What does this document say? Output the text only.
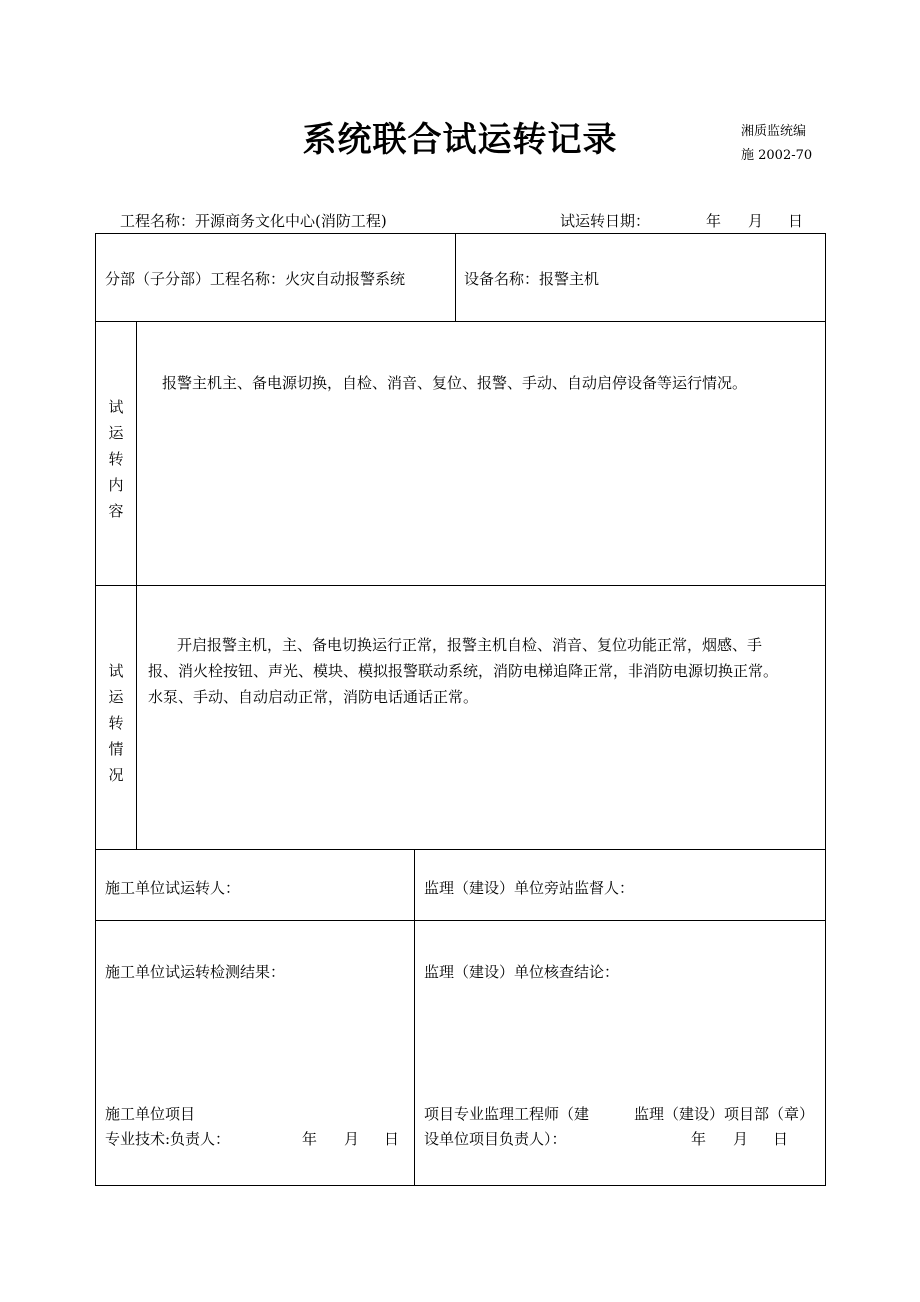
系统联合试运转记录	湘质监统编
施 2002-70
工程名称：开源商务文化中心(消防工程)	试运转日期：	年 月 日
分部（子分部）工程名称：火灾自动报警系统	设备名称：报警主机
试
运
转
内
容
报警主机主、备电源切换，自检、消音、复位、报警、手动、自动启停设备等运行情况。
试
运
转
情
况
开启报警主机，主、备电切换运行正常，报警主机自检、消音、复位功能正常，烟感、手
报、消火栓按钮、声光、模块、模拟报警联动系统，消防电梯追降正常，非消防电源切换正常。
水泵、手动、自动启动正常，消防电话通话正常。
施工单位试运转人：	监理（建设）单位旁站监督人：
施工单位试运转检测结果：	监理（建设）单位核查结论：
施工单位项目
专业技术:负责人：	年 月 日
项目专业监理工程师（建	监理（建设）项目部（章）
设单位项目负责人）：	年 月 日
